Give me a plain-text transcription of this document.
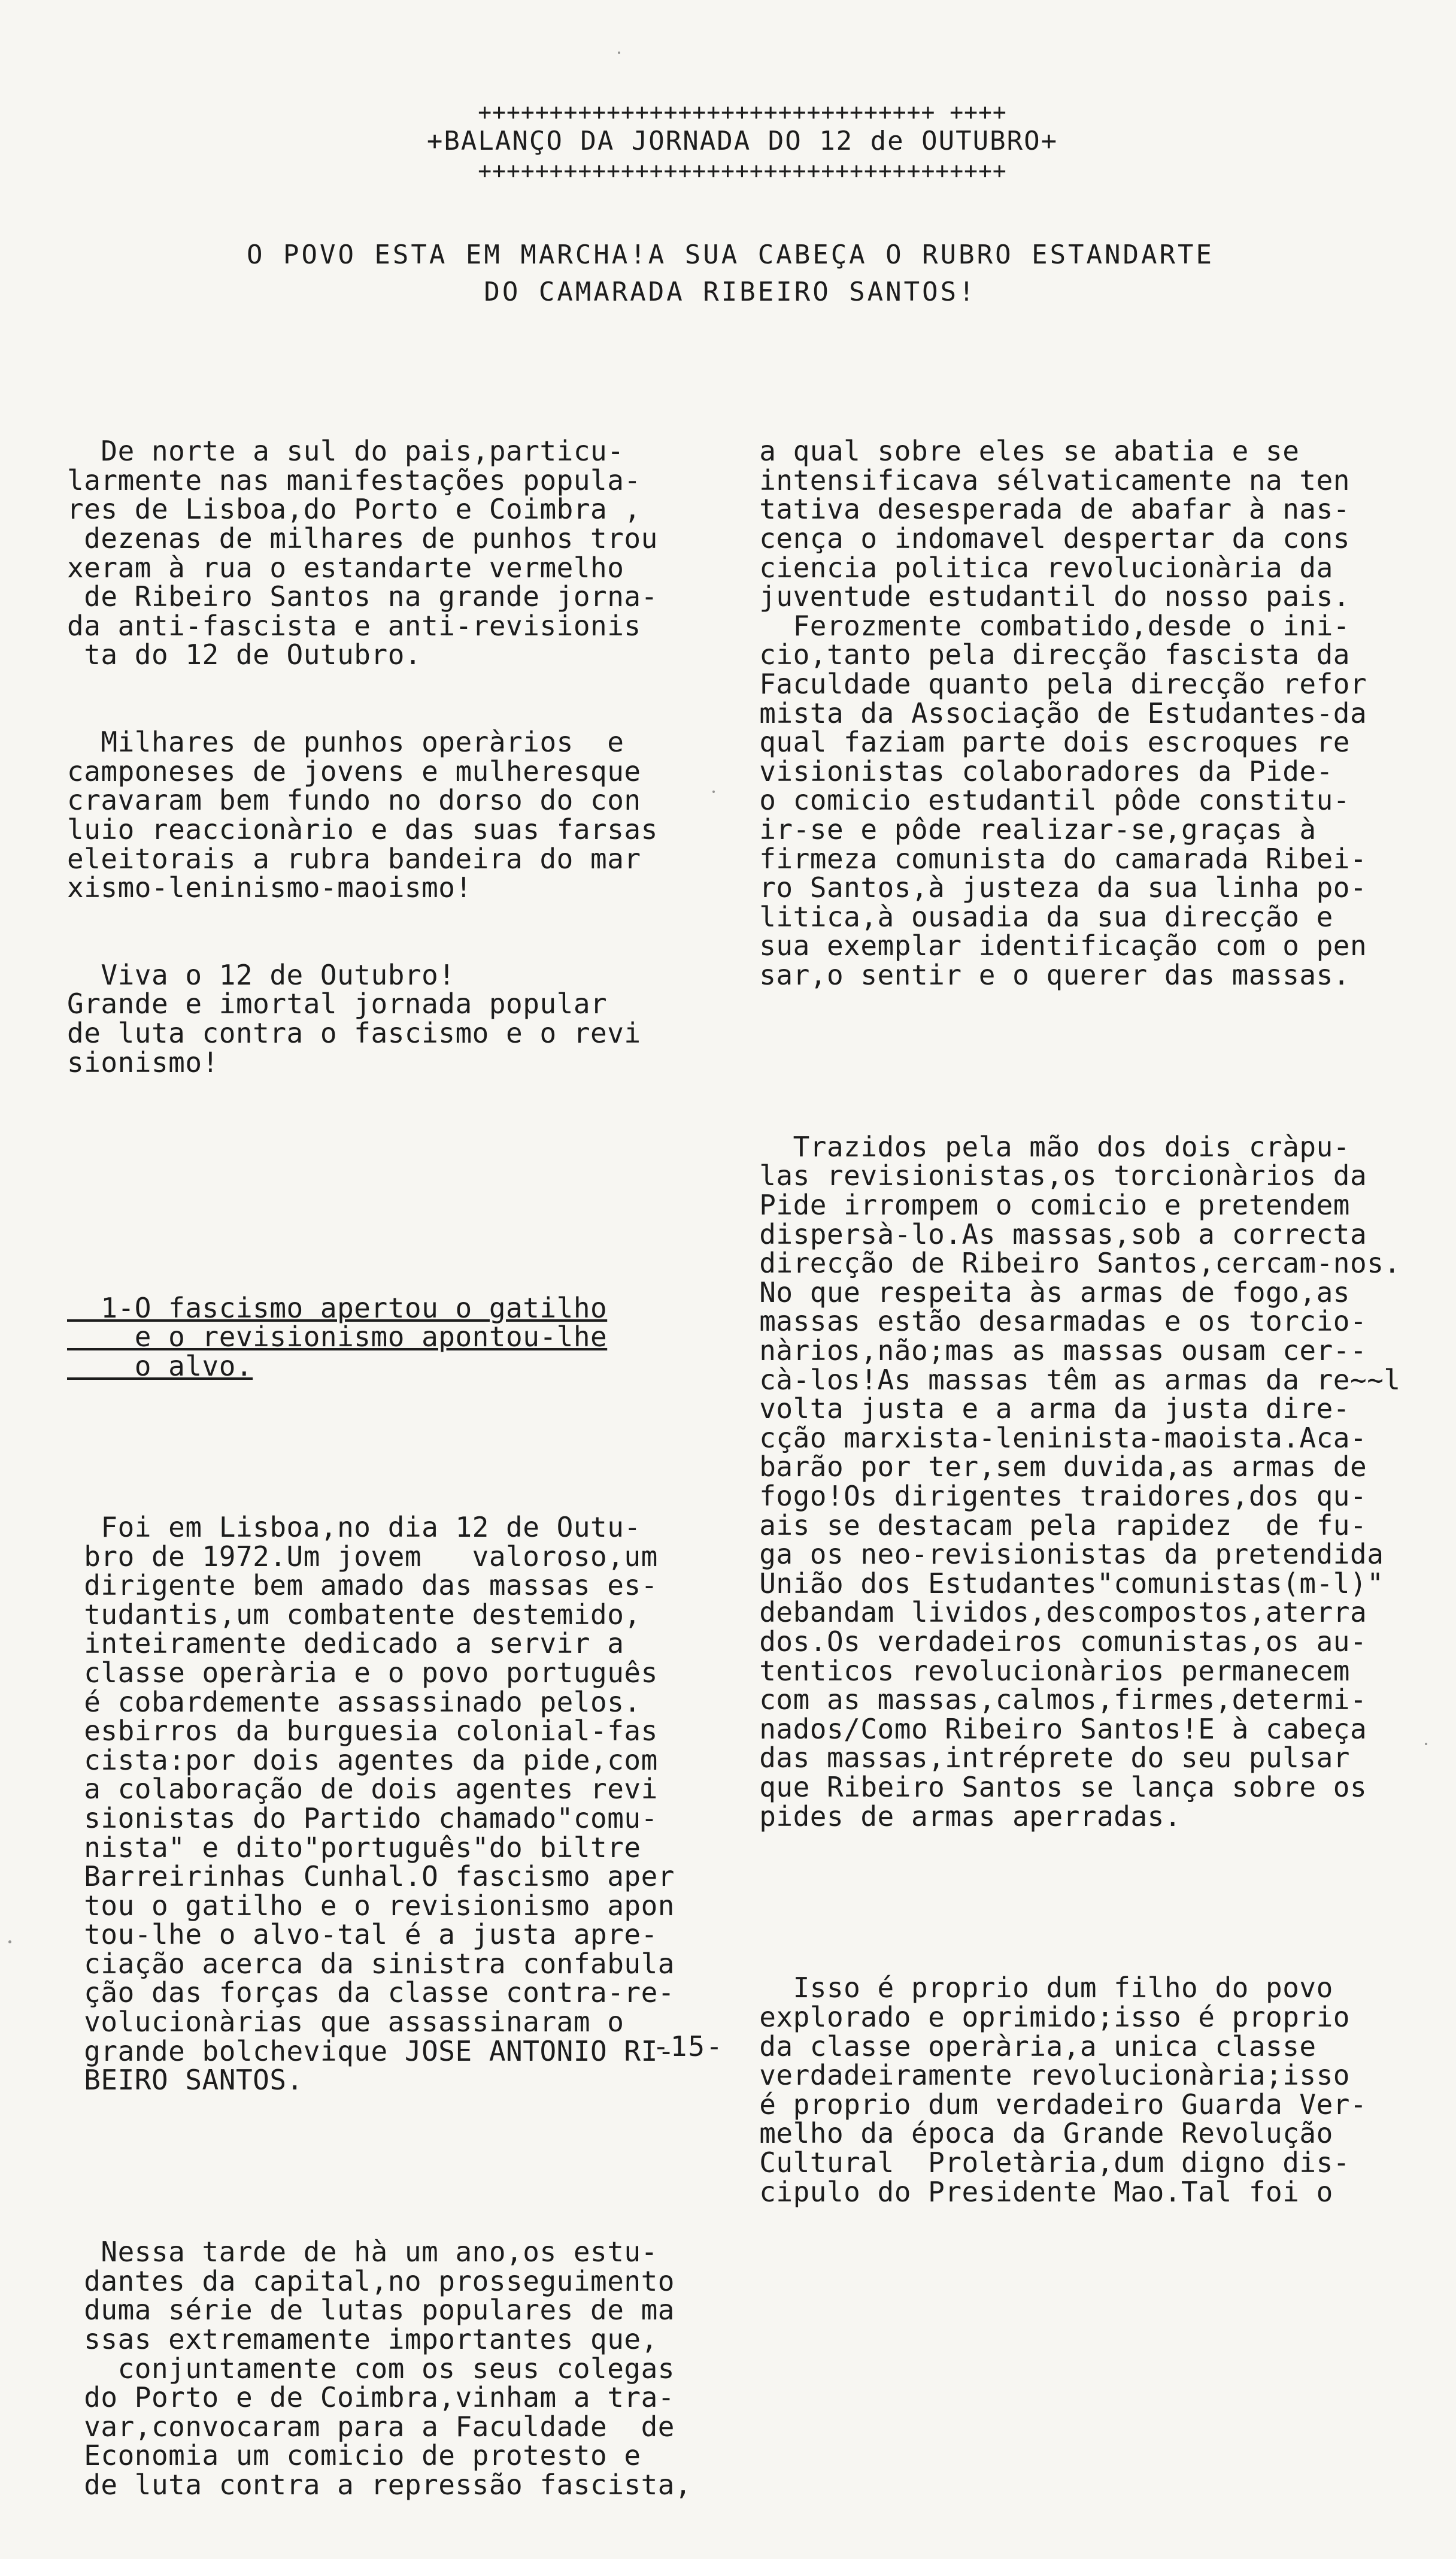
++++++++++++++++++++++++++++++++ ++++
+BALANÇO DA JORNADA DO 12 de OUTUBRO+
+++++++++++++++++++++++++++++++++++++
O POVO ESTA EM MARCHA!A SUA CABEÇA O RUBRO ESTANDARTE
DO CAMARADA RIBEIRO SANTOS!

De norte a sul do pais,particu-
larmente nas manifestações popula-
res de Lisboa,do Porto e Coimbra ,
dezenas de milhares de punhos trou
xeram à rua o estandarte vermelho
de Ribeiro Santos na grande jorna-
da anti-fascista e anti-revisionis
ta do 12 de Outubro.

Milhares de punhos operàrios  e
camponeses de jovens e mulheresque
cravaram bem fundo no dorso do con
luio reaccionàrio e das suas farsas
eleitorais a rubra bandeira do mar
xismo-leninismo-maoismo!

Viva o 12 de Outubro!
Grande e imortal jornada popular
de luta contra o fascismo e o revi
sionismo!

1-O fascismo apertou o gatilho
e o revisionismo apontou-lhe
o alvo.

Foi em Lisboa,no dia 12 de Outu-
bro de 1972.Um jovem   valoroso,um
dirigente bem amado das massas es-
tudantis,um combatente destemido,
inteiramente dedicado a servir a
classe operària e o povo português
é cobardemente assassinado pelos.
esbirros da burguesia colonial-fas
cista:por dois agentes da pide,com
a colaboração de dois agentes revi
sionistas do Partido chamado"comu-
nista" e dito"português"do biltre
Barreirinhas Cunhal.O fascismo aper
tou o gatilho e o revisionismo apon
tou-lhe o alvo-tal é a justa apre-
ciação acerca da sinistra confabula
ção das forças da classe contra-re-
volucionàrias que assassinaram o
grande bolchevique JOSE ANTONIO RI-
BEIRO SANTOS.

Nessa tarde de hà um ano,os estu-
dantes da capital,no prosseguimento
duma série de lutas populares de ma
ssas extremamente importantes que,
conjuntamente com os seus colegas
do Porto e de Coimbra,vinham a tra-
var,convocaram para a Faculdade  de
Economia um comicio de protesto e
de luta contra a repressão fascista,

a qual sobre eles se abatia e se
intensificava sélvaticamente na ten
tativa desesperada de abafar à nas-
cença o indomavel despertar da cons
ciencia politica revolucionària da
juventude estudantil do nosso pais.
Ferozmente combatido,desde o ini-
cio,tanto pela direcção fascista da
Faculdade quanto pela direcção refor
mista da Associação de Estudantes-da
qual faziam parte dois escroques re
visionistas colaboradores da Pide-
o comicio estudantil pôde constitu-
ir-se e pôde realizar-se,graças à
firmeza comunista do camarada Ribei-
ro Santos,à justeza da sua linha po-
litica,à ousadia da sua direcção e
sua exemplar identificação com o pen
sar,o sentir e o querer das massas.

Trazidos pela mão dos dois cràpu-
las revisionistas,os torcionàrios da
Pide irrompem o comicio e pretendem
dispersà-lo.As massas,sob a correcta
direcção de Ribeiro Santos,cercam-nos.
No que respeita às armas de fogo,as
massas estão desarmadas e os torcio-
nàrios,não;mas as massas ousam cer--
cà-los!As massas têm as armas da re~~l
volta justa e a arma da justa dire-
cção marxista-leninista-maoista.Aca-
barão por ter,sem duvida,as armas de
fogo!Os dirigentes traidores,dos qu-
ais se destacam pela rapidez  de fu-
ga os neo-revisionistas da pretendida
União dos Estudantes"comunistas(m-l)"
debandam lividos,descompostos,aterra
dos.Os verdadeiros comunistas,os au-
tenticos revolucionàrios permanecem
com as massas,calmos,firmes,determi-
nados/Como Ribeiro Santos!E à cabeça
das massas,intréprete do seu pulsar
que Ribeiro Santos se lança sobre os
pides de armas aperradas.

Isso é proprio dum filho do povo
explorado e oprimido;isso é proprio
da classe operària,a unica classe
verdadeiramente revolucionària;isso
é proprio dum verdadeiro Guarda Ver-
melho da época da Grande Revolução
Cultural  Proletària,dum digno dis-
cipulo do Presidente Mao.Tal foi o

-15-
